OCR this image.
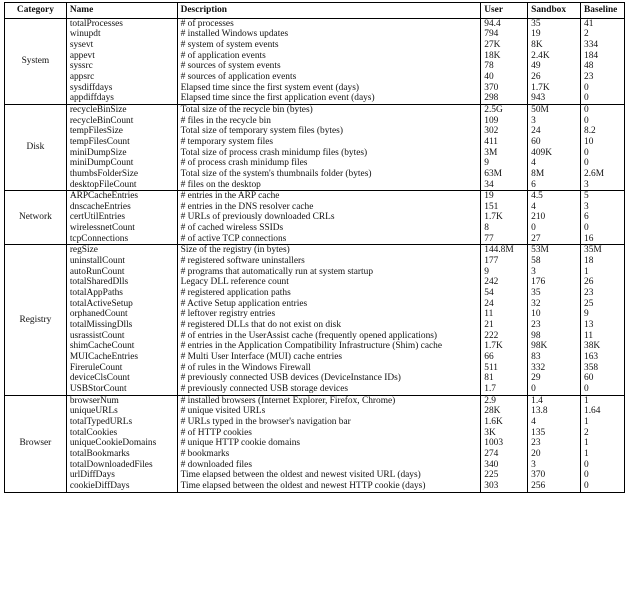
Category	Name	Description	User	Sandbox	Baseline
System	totalProcesses	# of processes	94.4	35	41
	winupdt	# installed Windows updates	794	19	2
	sysevt	# system of system events	27K	8K	334
	appevt	# of application events	18K	2.4K	184
	syssrc	# sources of system events	78	49	48
	appsrc	# sources of application events	40	26	23
	sysdiffdays	Elapsed time since the first system event (days)	370	1.7K	0
	appdiffdays	Elapsed time since the first application event (days)	298	943	0
Disk	recycleBinSize	Total size of the recycle bin (bytes)	2.5G	50M	0
	recycleBinCount	# files in the recycle bin	109	3	0
	tempFilesSize	Total size of temporary system files (bytes)	302	24	8.2
	tempFilesCount	# temporary system files	411	60	10
	miniDumpSize	Total size of process crash minidump files (bytes)	3M	409K	0
	miniDumpCount	# of process crash minidump files	9	4	0
	thumbsFolderSize	Total size of the system's thumbnails folder (bytes)	63M	8M	2.6M
	desktopFileCount	# files on the desktop	34	6	3
Network	ARPCacheEntries	# entries in the ARP cache	19	4.5	5
	dnscacheEntries	# entries in the DNS resolver cache	151	4	3
	certUtilEntries	# URLs of previously downloaded CRLs	1.7K	210	6
	wirelessnetCount	# of cached wireless SSIDs	8	0	0
	tcpConnections	# of active TCP connections	77	27	16
Registry	regSize	Size of the registry (in bytes)	144.8M	53M	35M
	uninstallCount	# registered software uninstallers	177	58	18
	autoRunCount	# programs that automatically run at system startup	9	3	1
	totalSharedDlls	Legacy DLL reference count	242	176	26
	totalAppPaths	# registered application paths	54	35	23
	totalActiveSetup	# Active Setup application entries	24	32	25
	orphanedCount	# leftover registry entries	11	10	9
	totalMissingDlls	# registered DLLs that do not exist on disk	21	23	13
	usrassistCount	# of entries in the UserAssist cache (frequently opened applications)	222	98	11
	shimCacheCount	# entries in the Application Compatibility Infrastructure (Shim) cache	1.7K	98K	38K
	MUICacheEntries	# Multi User Interface (MUI) cache entries	66	83	163
	FireruleCount	# of rules in the Windows Firewall	511	332	358
	deviceClsCount	# previously connected USB devices (DeviceInstance IDs)	81	29	60
	USBStorCount	# previously connected USB storage devices	1.7	0	0
Browser	browserNum	# installed browsers (Internet Explorer, Firefox, Chrome)	2.9	1.4	1
	uniqueURLs	# unique visited URLs	28K	13.8	1.64
	totalTypedURLs	# URLs typed in the browser's navigation bar	1.6K	4	1
	totalCookies	# of HTTP cookies	3K	135	2
	uniqueCookieDomains	# unique HTTP cookie domains	1003	23	1
	totalBookmarks	# bookmarks	274	20	1
	totalDownloadedFiles	# downloaded files	340	3	0
	urlDiffDays	Time elapsed between the oldest and newest visited URL (days)	225	370	0
	cookieDiffDays	Time elapsed between the oldest and newest HTTP cookie (days)	303	256	0
